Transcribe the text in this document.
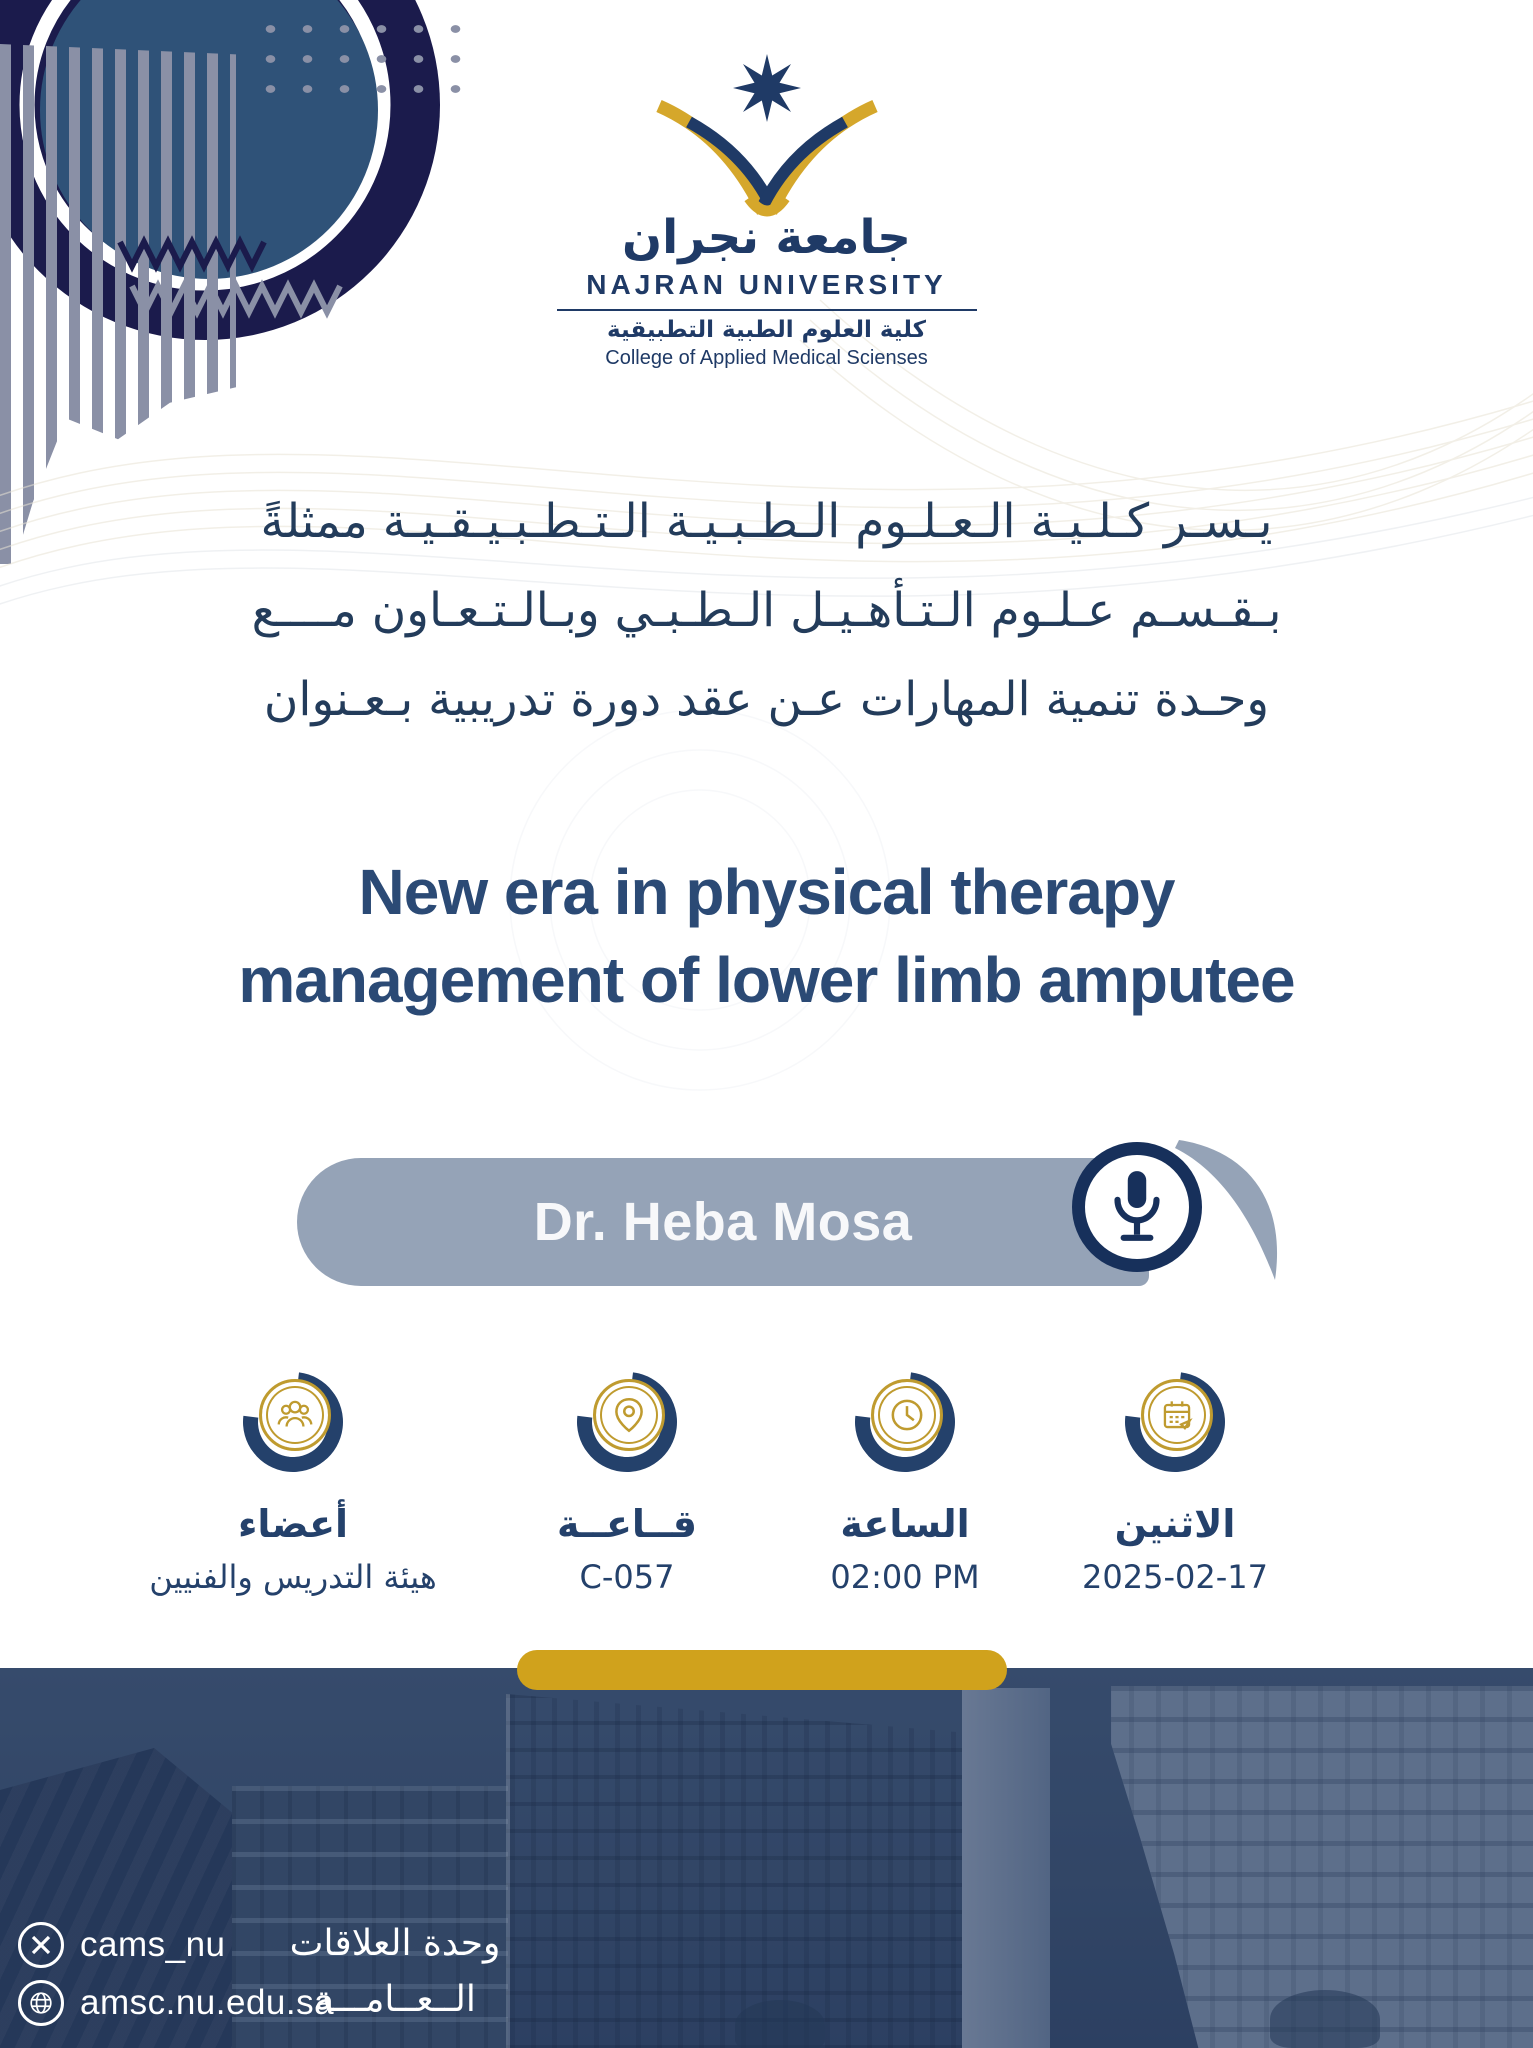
جامعة نجران
NAJRAN UNIVERSITY
كلية العلوم الطبية التطبيقية
College of Applied Medical Scienses
يـسـر كـلـيـة الـعـلـوم الـطـبـيـة الـتـطـبـيـقـيـة ممثلةً
بـقـسـم عـلـوم الـتـأهـيـل الـطـبـي وبـالـتـعـاون مــــع
وحـدة تنمية المهارات عـن عقد دورة تدريبية بـعـنوان
New era in physical therapy
management of lower limb amputee
Dr. Heba Mosa
أعضاء
هيئة التدريس والفنيين
قــاعــة
C-057
الساعة
02:00 PM
الاثنين
2025-02-17
cams_nu
amsc.nu.edu.sa
وحدة العلاقات
الــعــامـــة
